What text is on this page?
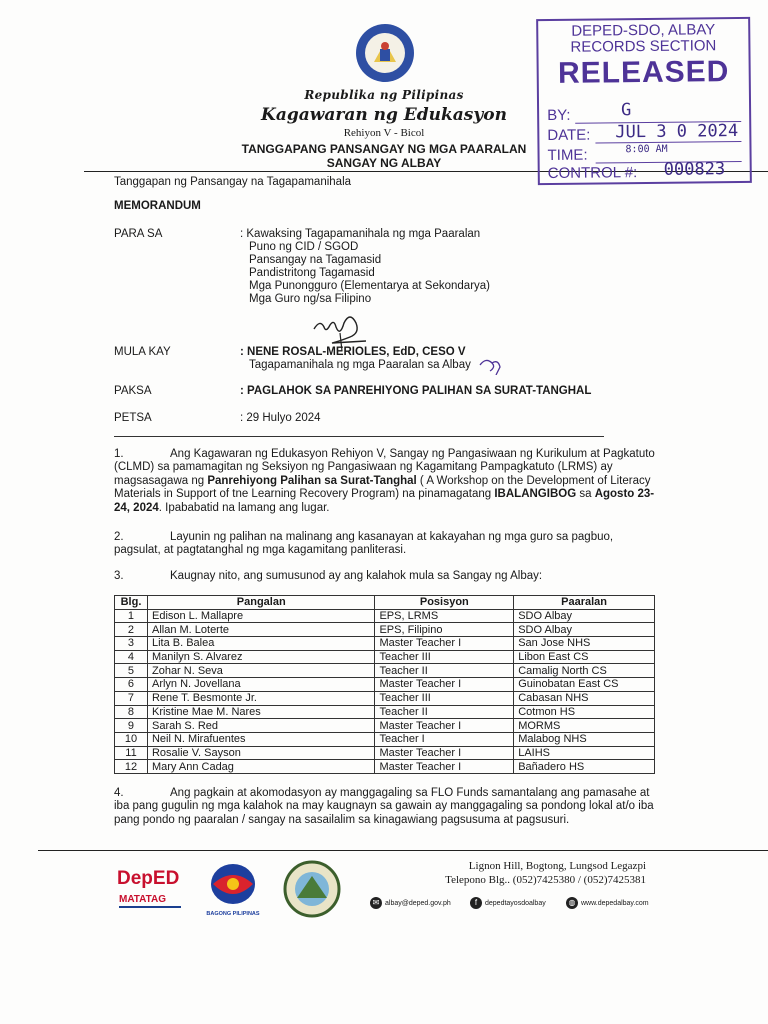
Republika ng Pilipinas
Kagawaran ng Edukasyon
Rehiyon V - Bicol
TANGGAPANG PANSANGAY NG MGA PAARALAN
SANGAY NG ALBAY
DEPED-SDO, ALBAY
RECORDS SECTION
RELEASED
BY:	G
DATE: JUL 3 0 2024
TIME:	8:00 AM
CONTROL #: 000823
Tanggapan ng Pansangay na Tagapamanihala
MEMORANDUM
PARA SA	: Kawaksing Tagapamanihala ng mga Paaralan
Puno ng CID / SGOD
Pansangay na Tagamasid
Pandistritong Tagamasid
Mga Punongguro (Elementarya at Sekondarya)
Mga Guro ng/sa Filipino
MULA KAY	: NENE ROSAL-MERIOLES, EdD, CESO V
Tagapamanihala ng mga Paaralan sa Albay
PAKSA	: PAGLAHOK SA PANREHIYONG PALIHAN SA SURAT-TANGHAL
PETSA	: 29 Hulyo 2024
1.	Ang Kagawaran ng Edukasyon Rehiyon V, Sangay ng Pangasiwaan ng Kurikulum at Pagkatuto (CLMD) sa pamamagitan ng Seksiyon ng Pangasiwaan ng Kagamitang Pampagkatuto (LRMS) ay magsasagawa ng Panrehiyong Palihan sa Surat-Tanghal ( A Workshop on the Development of Literacy Materials in Support of tne Learning Recovery Program) na pinamagatang IBALANGIBOG sa Agosto 23-24, 2024. Ipababatid na lamang ang lugar.
2.	Layunin ng palihan na malinang ang kasanayan at kakayahan ng mga guro sa pagbuo, pagsulat, at pagtatanghal ng mga kagamitang panliterasi.
3.	Kaugnay nito, ang sumusunod ay ang kalahok mula sa Sangay ng Albay:
Blg.	Pangalan	Posisyon	Paaralan
1	Edison L. Mallapre	EPS, LRMS	SDO Albay
2	Allan M. Loterte	EPS, Filipino	SDO Albay
3	Lita B. Balea	Master Teacher I	San Jose NHS
4	Manilyn S. Alvarez	Teacher III	Libon East CS
5	Zohar N. Seva	Teacher II	Camalig North CS
6	Arlyn N. Jovellana	Master Teacher I	Guinobatan East CS
7	Rene T. Besmonte Jr.	Teacher III	Cabasan NHS
8	Kristine Mae M. Nares	Teacher II	Cotmon HS
9	Sarah S. Red	Master Teacher I	MORMS
10	Neil N. Mirafuentes	Teacher I	Malabog NHS
11	Rosalie V. Sayson	Master Teacher I	LAIHS
12	Mary Ann Cadag	Master Teacher I	Bañadero HS
4.	Ang pagkain at akomodasyon ay manggagaling sa FLO Funds samantalang ang pamasahe at iba pang gugulin ng mga kalahok na may kaugnayn sa gawain ay manggagaling sa pondong lokal at/o iba pang pondo ng paaralan / sangay na sasailalim sa kinagawiang pagsusuma at pagsusuri.
DepED
MATATAG
BAGONG PILIPINAS
Lignon Hill, Bogtong, Lungsod Legazpi
Telepono Blg.. (052)7425380 / (052)7425381
✉ albay@deped.gov.ph	f	depedtayosdoalbay	◍ www.depedalbay.com
